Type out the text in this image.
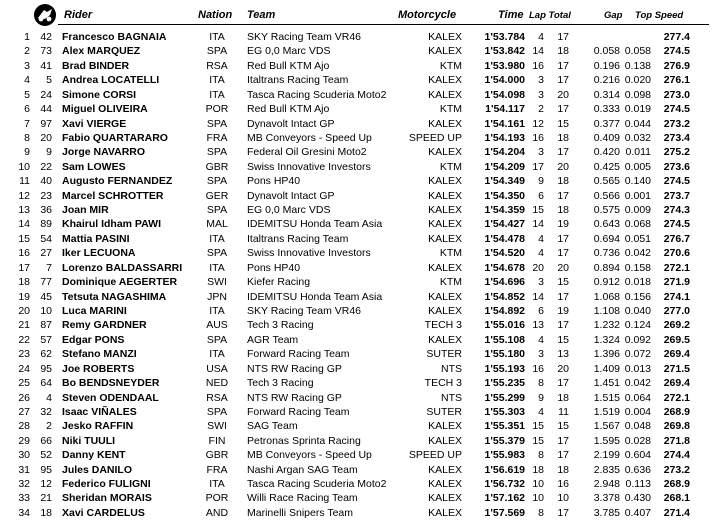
Rider	Nation Team	Motorcycle	Time Lap Total	Gap Top Speed
1 42 Francesco BAGNAIA	ITA	SKY Racing Team VR46	KALEX	1'53.784	4	17	277.4
2 73 Alex MARQUEZ	SPA	EG 0,0 Marc VDS	KALEX	1'53.842 14	18	0.058 0.058	274.5
3 41 Brad BINDER	RSA	Red Bull KTM Ajo	KTM	1'53.980 16	17	0.196 0.138	276.9
4	5 Andrea LOCATELLI	ITA	Italtrans Racing Team	KALEX	1'54.000	3	17	0.216 0.020	276.1
5 24 Simone CORSI	ITA	Tasca Racing Scuderia Moto2	KALEX	1'54.098	3	20	0.314 0.098	273.0
6 44 Miguel OLIVEIRA	POR	Red Bull KTM Ajo	KTM	1'54.117	2	17	0.333 0.019	274.5
7 97 Xavi VIERGE	SPA	Dynavolt Intact GP	KALEX	1'54.161 12	15	0.377 0.044	273.2
8 20 Fabio QUARTARARO	FRA	MB Conveyors - Speed Up	SPEED UP	1'54.193 16	18	0.409 0.032	273.4
9	9 Jorge NAVARRO	SPA	Federal Oil Gresini Moto2	KALEX	1'54.204	3	17	0.420 0.011	275.2
10 22 Sam LOWES	GBR	Swiss Innovative Investors	KTM	1'54.209 17	20	0.425 0.005	273.6
11 40 Augusto FERNANDEZ	SPA	Pons HP40	KALEX	1'54.349	9	18	0.565 0.140	274.5
12 23 Marcel SCHROTTER	GER	Dynavolt Intact GP	KALEX	1'54.350	6	17	0.566 0.001	273.7
13 36 Joan MIR	SPA	EG 0,0 Marc VDS	KALEX	1'54.359 15	18	0.575 0.009	274.3
14 89 Khairul Idham PAWI	MAL	IDEMITSU Honda Team Asia	KALEX	1'54.427 14	19	0.643 0.068	274.5
15 54 Mattia PASINI	ITA	Italtrans Racing Team	KALEX	1'54.478	4	17	0.694 0.051	276.7
16 27 Iker LECUONA	SPA	Swiss Innovative Investors	KTM	1'54.520	4	17	0.736 0.042	270.6
17	7 Lorenzo BALDASSARRI	ITA	Pons HP40	KALEX	1'54.678 20	20	0.894 0.158	272.1
18 77 Dominique AEGERTER	SWI	Kiefer Racing	KTM	1'54.696	3	15	0.912 0.018	271.9
19 45 Tetsuta NAGASHIMA	JPN	IDEMITSU Honda Team Asia	KALEX	1'54.852 14	17	1.068 0.156	274.1
20 10 Luca MARINI	ITA	SKY Racing Team VR46	KALEX	1'54.892	6	19	1.108 0.040	277.0
21 87 Remy GARDNER	AUS	Tech 3 Racing	TECH 3	1'55.016 13	17	1.232 0.124	269.2
22 57 Edgar PONS	SPA	AGR Team	KALEX	1'55.108	4	15	1.324 0.092	269.5
23 62 Stefano MANZI	ITA	Forward Racing Team	SUTER	1'55.180	3	13	1.396 0.072	269.4
24 95 Joe ROBERTS	USA	NTS RW Racing GP	NTS	1'55.193 16	20	1.409 0.013	271.5
25 64 Bo BENDSNEYDER	NED	Tech 3 Racing	TECH 3	1'55.235	8	17	1.451 0.042	269.4
26	4 Steven ODENDAAL	RSA	NTS RW Racing GP	NTS	1'55.299	9	18	1.515 0.064	272.1
27 32 Isaac VIÑALES	SPA	Forward Racing Team	SUTER	1'55.303	4	11	1.519 0.004	268.9
28	2 Jesko RAFFIN	SWI	SAG Team	KALEX	1'55.351 15	15	1.567 0.048	269.8
29 66 Niki TUULI	FIN	Petronas Sprinta Racing	KALEX	1'55.379 15	17	1.595 0.028	271.8
30 52 Danny KENT	GBR	MB Conveyors - Speed Up	SPEED UP	1'55.983	8	17	2.199 0.604	274.4
31 95 Jules DANILO	FRA	Nashi Argan SAG Team	KALEX	1'56.619 18	18	2.835 0.636	273.2
32 12 Federico FULIGNI	ITA	Tasca Racing Scuderia Moto2	KALEX	1'56.732 10	16	2.948 0.113	268.9
33 21 Sheridan MORAIS	POR	Willi Race Racing Team	KALEX	1'57.162 10	10	3.378 0.430	268.1
34 18 Xavi CARDELUS	AND	Marinelli Snipers Team	KALEX	1'57.569	8	17	3.785 0.407	271.4
